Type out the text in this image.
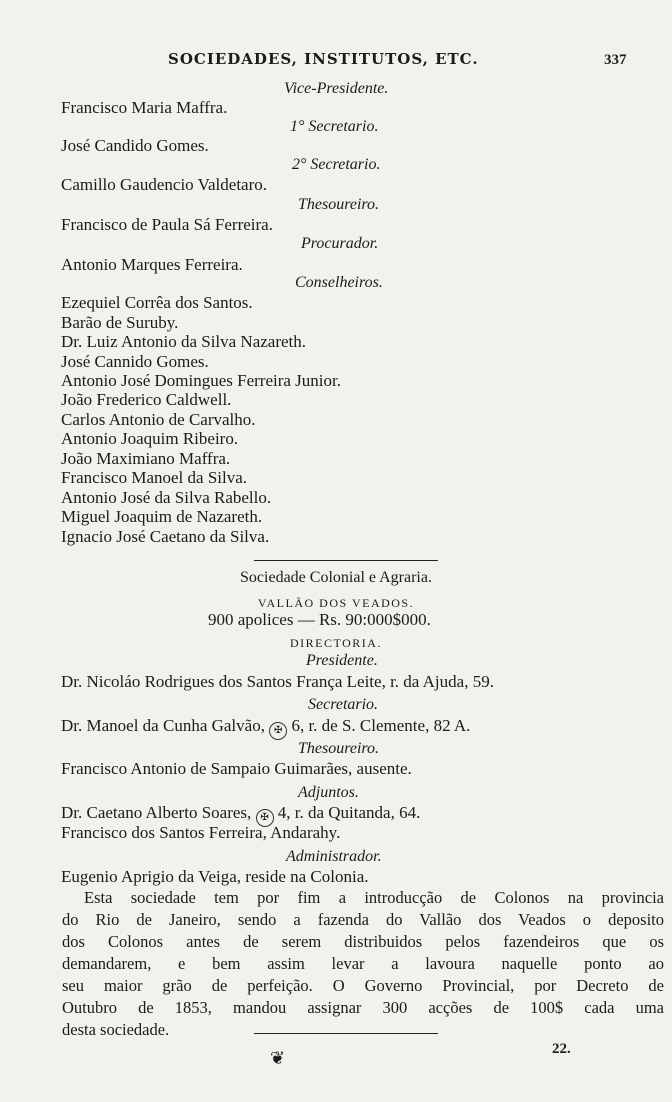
SOCIEDADES, INSTITUTOS, ETC.	337
Vice-Presidente.
Francisco Maria Maffra.
1° Secretario.
José Candido Gomes.
2° Secretario.
Camillo Gaudencio Valdetaro.
Thesoureiro.
Francisco de Paula Sá Ferreira.
Procurador.
Antonio Marques Ferreira.
Conselheiros.
Ezequiel Corrêa dos Santos.
Barão de Suruby.
Dr. Luiz Antonio da Silva Nazareth.
José Cannido Gomes.
Antonio José Domingues Ferreira Junior.
João Frederico Caldwell.
Carlos Antonio de Carvalho.
Antonio Joaquim Ribeiro.
João Maximiano Maffra.
Francisco Manoel da Silva.
Antonio José da Silva Rabello.
Miguel Joaquim de Nazareth.
Ignacio José Caetano da Silva.
Sociedade Colonial e Agraria.
VALLÃO DOS VEADOS.
900 apolices — Rs. 90:000$000.
DIRECTORIA.
Presidente.
Dr. Nicoláo Rodrigues dos Santos França Leite, r. da Ajuda, 59.
Secretario.
Dr. Manoel da Cunha Galvão, ✠ 6, r. de S. Clemente, 82 A.
Thesoureiro.
Francisco Antonio de Sampaio Guimarães, ausente.
Adjuntos.
Dr. Caetano Alberto Soares, ✠ 4, r. da Quitanda, 64.
Francisco dos Santos Ferreira, Andarahy.
Administrador.
Eugenio Aprigio da Veiga, reside na Colonia.
Esta sociedade tem por fim a introducção de Colonos na provincia
do Rio de Janeiro, sendo a fazenda do Vallão dos Veados o deposito
dos Colonos antes de serem distribuidos pelos fazendeiros que os
demandarem, e bem assim levar a lavoura naquelle ponto ao
seu maior grão de perfeição. O Governo Provincial, por Decreto de
Outubro de 1853, mandou assignar 300 acções de 100$ cada uma
desta sociedade.
❦	22.
